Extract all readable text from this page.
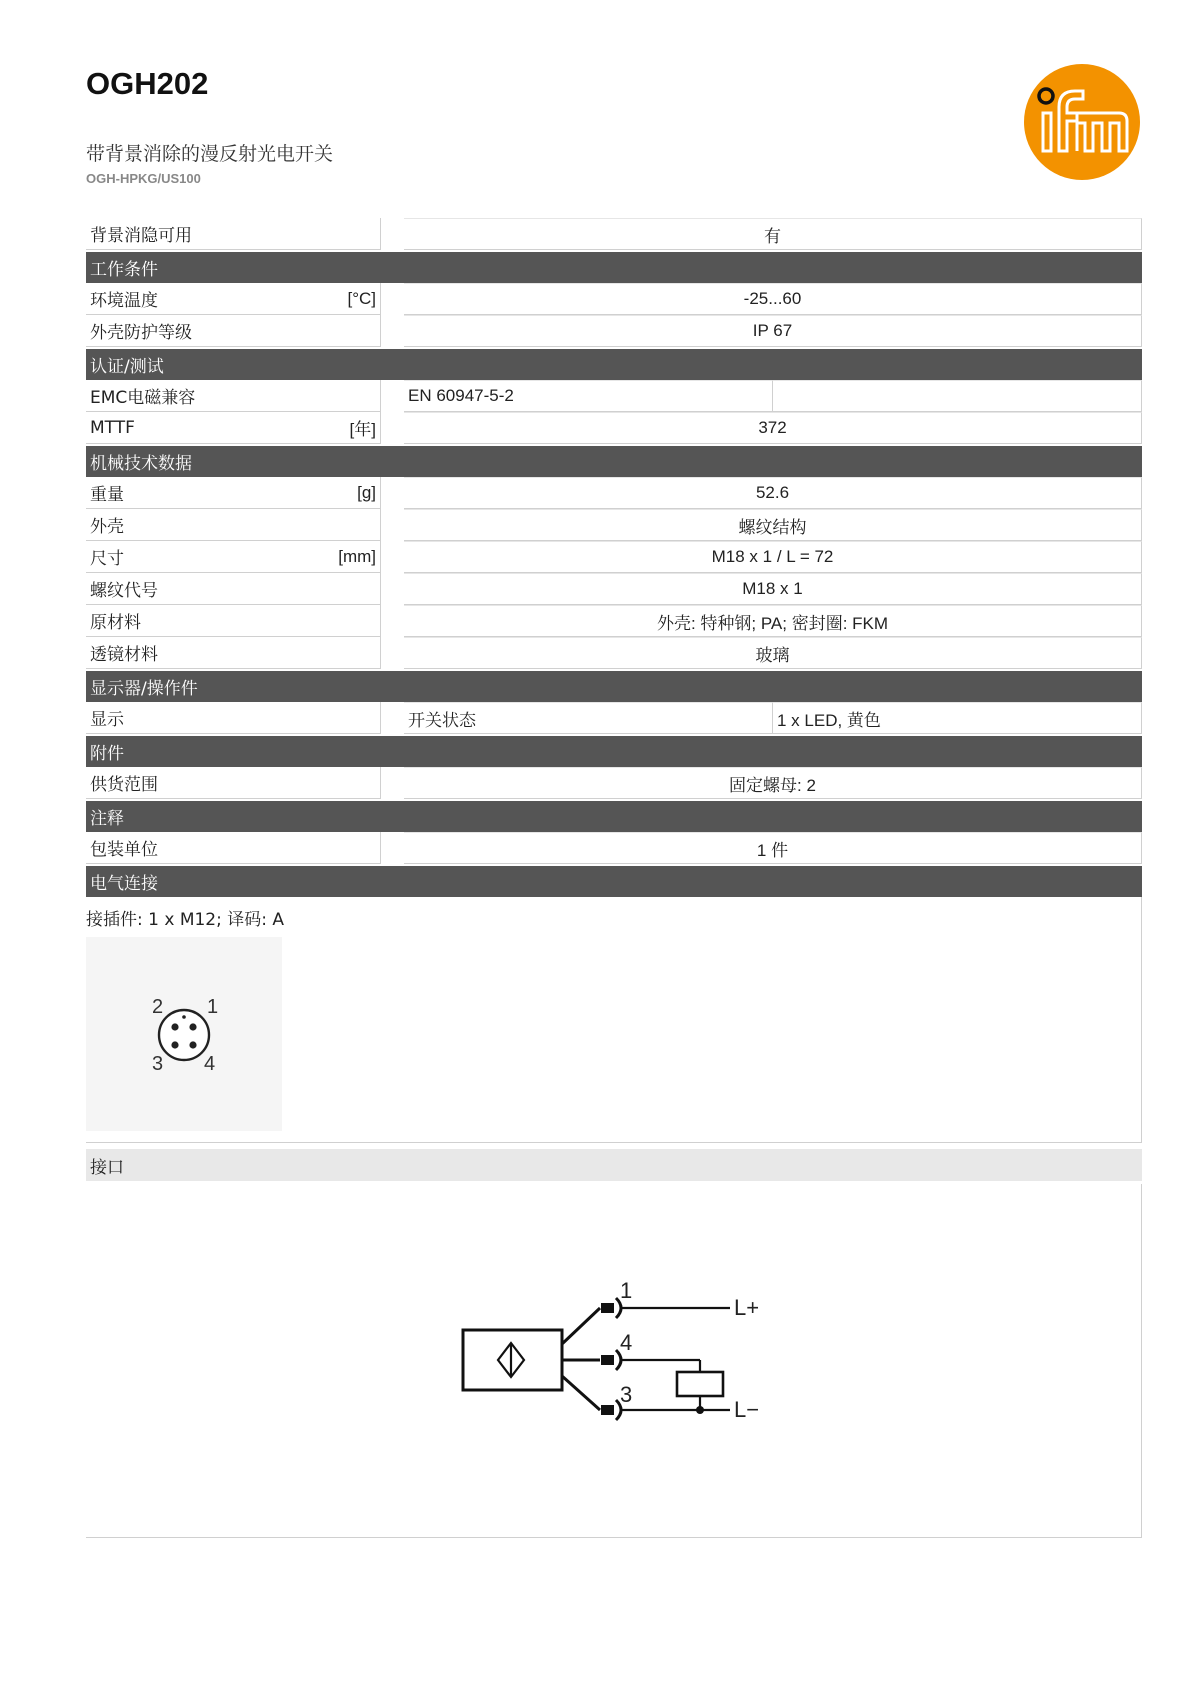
OGH202
带背景消除的漫反射光电开关
OGH-HPKG/US100
背景消隐可用	有
工作条件
环境温度	[°C]	-25...60
外壳防护等级	IP 67
认证/测试
EMC电磁兼容	EN 60947-5-2
MTTF	[年]	372
机械技术数据
重量	[g]	52.6
外壳	螺纹结构
尺寸	[mm]	M18 x 1 / L = 72
螺纹代号	M18 x 1
原材料	外壳: 特种钢; PA; 密封圈: FKM
透镜材料	玻璃
显示器/操作件
显示	开关状态	1 x LED, 黄色
附件
供货范围	固定螺母: 2
注释
包装单位	1 件
电气连接
接插件: 1 x M12; 译码: A
2 1
3 4
接口
1
4
3
L+
L−
